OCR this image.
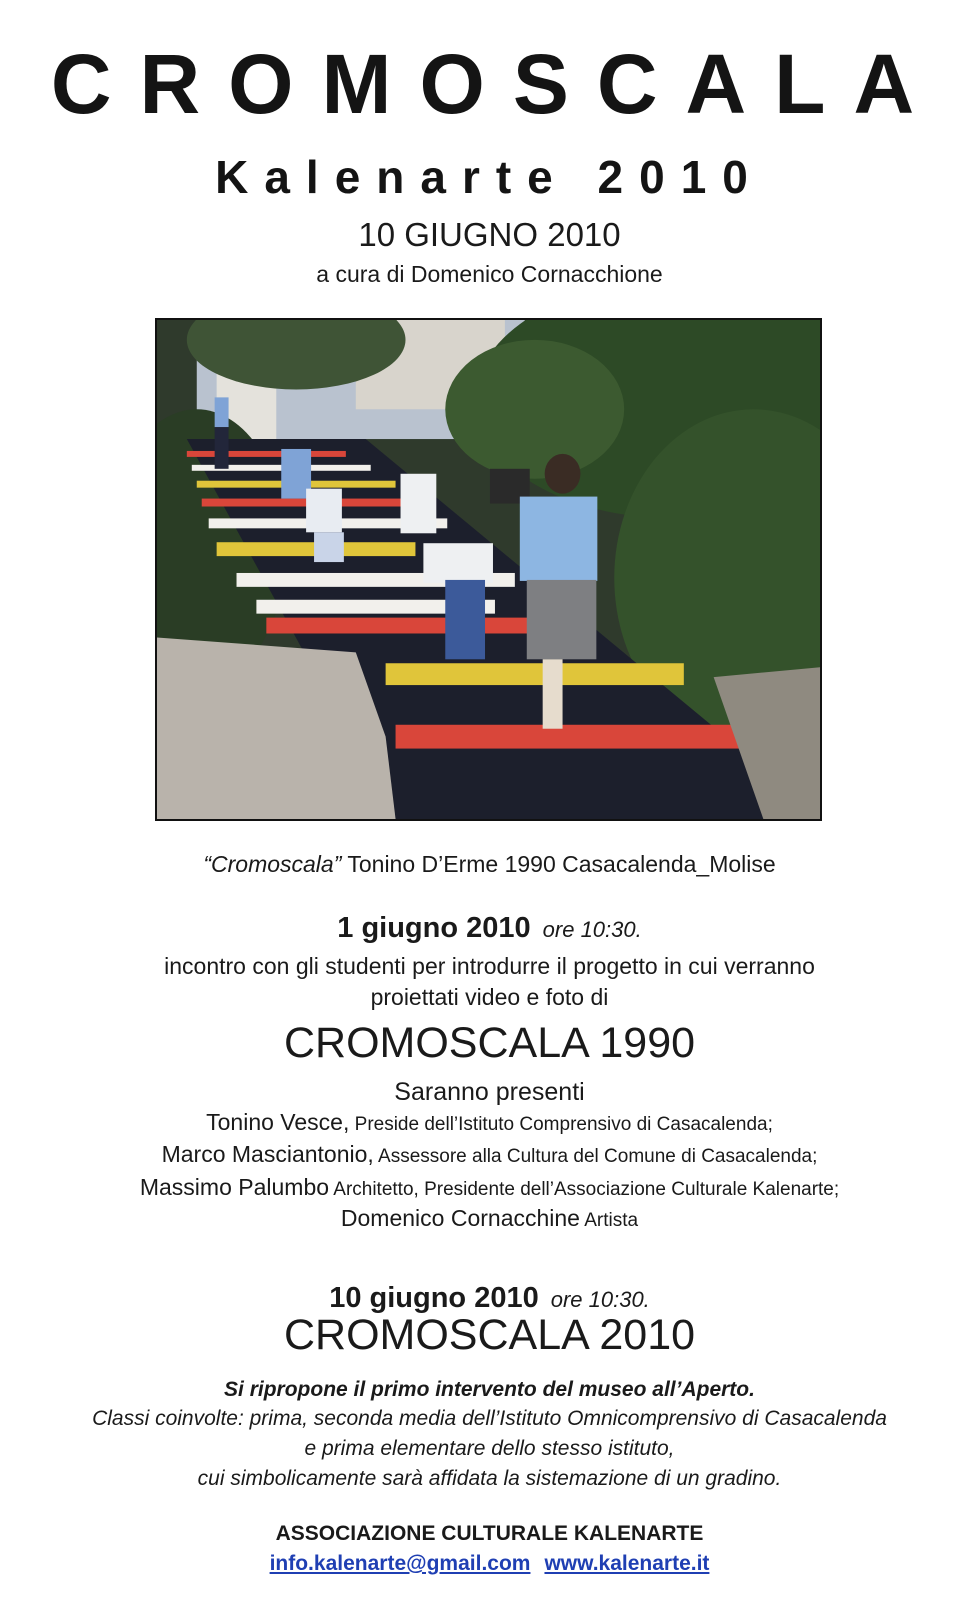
CROMOSCALA
Kalenarte 2010
10 GIUGNO 2010
a cura di Domenico Cornacchione
“Cromoscala” Tonino D’Erme 1990 Casacalenda_Molise
1 giugno 2010 ore 10:30.
incontro con gli studenti per introdurre il progetto in cui verranno
proiettati video e foto di
CROMOSCALA 1990
Saranno presenti
Tonino Vesce, Preside dell’Istituto Comprensivo di Casacalenda;
Marco Masciantonio, Assessore alla Cultura del Comune di Casacalenda;
Massimo Palumbo Architetto, Presidente dell’Associazione Culturale Kalenarte;
Domenico Cornacchine Artista
10 giugno 2010 ore 10:30.
CROMOSCALA 2010
Si ripropone il primo intervento del museo all’Aperto.
Classi coinvolte: prima, seconda media dell’Istituto Omnicomprensivo di Casacalenda
e prima elementare dello stesso istituto,
cui simbolicamente sarà affidata la sistemazione di un gradino.
ASSOCIAZIONE CULTURALE KALENARTE
info.kalenarte@gmail.com www.kalenarte.it
